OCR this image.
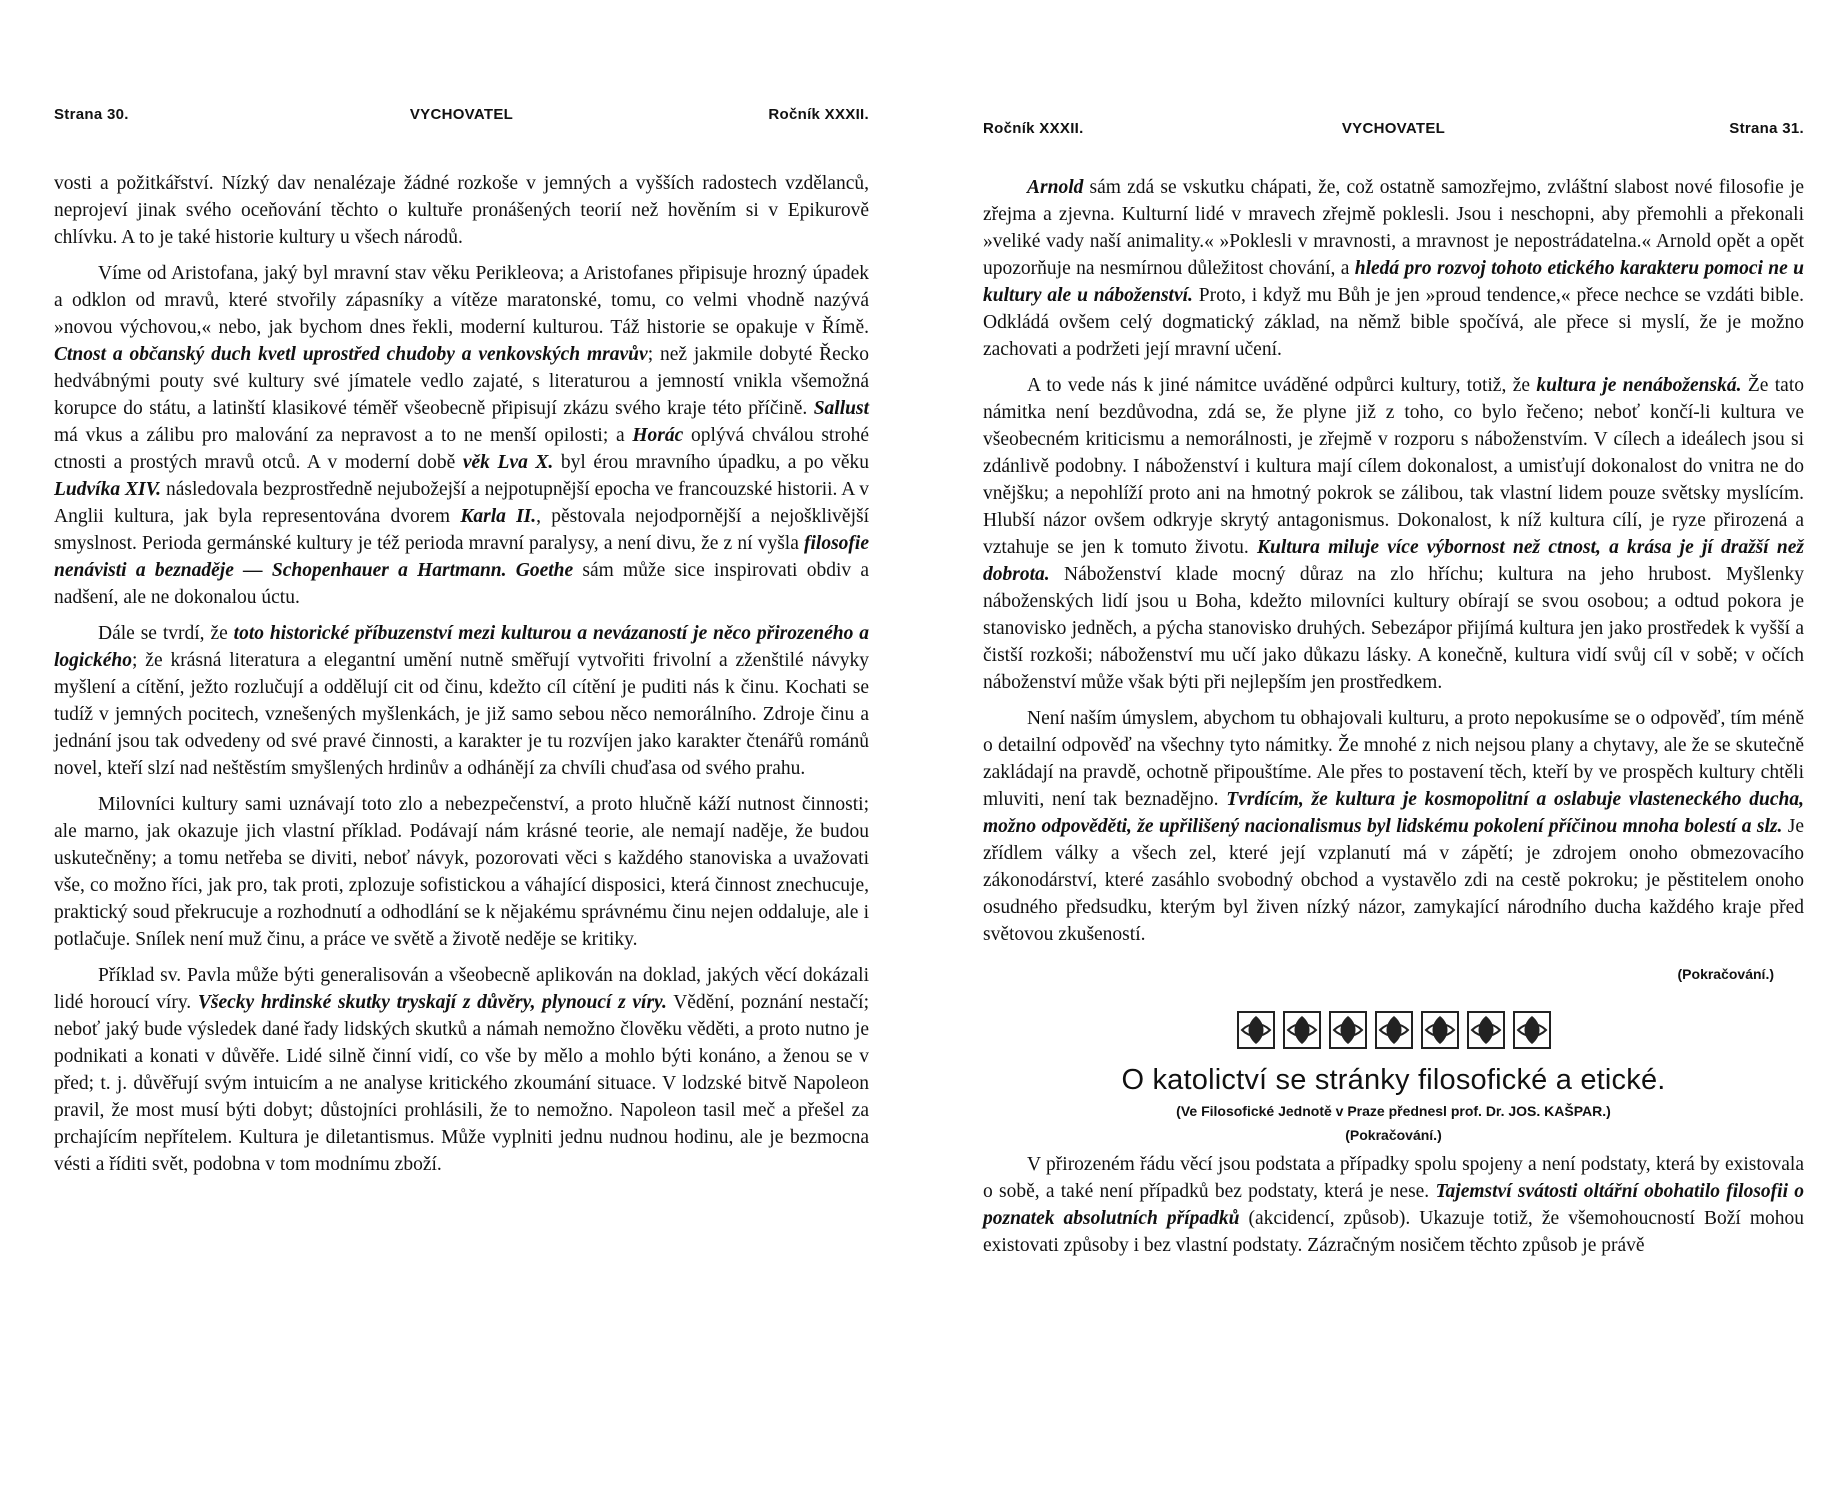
Strana 30.	VYCHOVATEL	Ročník XXXII.

vosti a požitkářství. Nízký dav nenalézaje žádné rozkoše v jemných a vyšších radostech vzdělanců, neprojeví jinak svého oceňování těchto o kultuře pronášených teorií než hověním si v Epikurově chlívku. A to je také historie kultury u všech národů.

Víme od Aristofana, jaký byl mravní stav věku Perikleova; a Aristofanes připisuje hrozný úpadek a odklon od mravů, které stvořily zápasníky a vítěze maratonské, tomu, co velmi vhodně nazývá »novou výchovou,« nebo, jak bychom dnes řekli, moderní kulturou. Táž historie se opakuje v Římě. Ctnost a občanský duch kvetl uprostřed chudoby a venkovských mravův; než jakmile dobyté Řecko hedvábnými pouty své kultury své jímatele vedlo zajaté, s literaturou a jemností vnikla všemožná korupce do státu, a latinští klasikové téměř všeobecně připisují zkázu svého kraje této příčině. Sallust má vkus a zálibu pro malování za nepravost a to ne menší opilosti; a Horác oplývá chválou strohé ctnosti a prostých mravů otců. A v moderní době věk Lva X. byl érou mravního úpadku, a po věku Ludvíka XIV. následovala bezprostředně nejubožejší a nejpotupnější epocha ve francouzské historii. A v Anglii kultura, jak byla representována dvorem Karla II., pěstovala nejodpornější a nejošklivější smyslnost. Perioda germánské kultury je též perioda mravní paralysy, a není divu, že z ní vyšla filosofie nenávisti a beznaděje — Schopenhauer a Hartmann. Goethe sám může sice inspirovati obdiv a nadšení, ale ne dokonalou úctu.

Dále se tvrdí, že toto historické příbuzenství mezi kulturou a nevázaností je něco přirozeného a logického; že krásná literatura a elegantní umění nutně směřují vytvořiti frivolní a zženštilé návyky myšlení a cítění, ježto rozlučují a oddělují cit od činu, kdežto cíl cítění je puditi nás k činu. Kochati se tudíž v jemných pocitech, vznešených myšlenkách, je již samo sebou něco nemorálního. Zdroje činu a jednání jsou tak odvedeny od své pravé činnosti, a karakter je tu rozvíjen jako karakter čtenářů románů novel, kteří slzí nad neštěstím smyšlených hrdinův a odhánějí za chvíli chuďasa od svého prahu.

Milovníci kultury sami uznávají toto zlo a nebezpečenství, a proto hlučně káží nutnost činnosti; ale marno, jak okazuje jich vlastní příklad. Podávají nám krásné teorie, ale nemají naděje, že budou uskutečněny; a tomu netřeba se diviti, neboť návyk, pozorovati věci s každého stanoviska a uvažovati vše, co možno říci, jak pro, tak proti, zplozuje sofistickou a váhající disposici, která činnost znechucuje, praktický soud překrucuje a rozhodnutí a odhodlání se k nějakému správnému činu nejen oddaluje, ale i potlačuje. Snílek není muž činu, a práce ve světě a životě neděje se kritiky.

Příklad sv. Pavla může býti generalisován a všeobecně aplikován na doklad, jakých věcí dokázali lidé horoucí víry. Všecky hrdinské skutky tryskají z důvěry, plynoucí z víry. Vědění, poznání nestačí; neboť jaký bude výsledek dané řady lidských skutků a námah nemožno člověku věděti, a proto nutno je podnikati a konati v důvěře. Lidé silně činní vidí, co vše by mělo a mohlo býti konáno, a ženou se v před; t. j. důvěřují svým intuicím a ne analyse kritického zkoumání situace. V lodzské bitvě Napoleon pravil, že most musí býti dobyt; důstojníci prohlásili, že to nemožno. Napoleon tasil meč a přešel za prchajícím nepřítelem. Kultura je diletantismus. Může vyplniti jednu nudnou hodinu, ale je bezmocna vésti a říditi svět, podobna v tom modnímu zboží.

Ročník XXXII.	VYCHOVATEL	Strana 31.

Arnold sám zdá se vskutku chápati, že, což ostatně samozřejmo, zvláštní slabost nové filosofie je zřejma a zjevna. Kulturní lidé v mravech zřejmě poklesli. Jsou i neschopni, aby přemohli a překonali »veliké vady naší animality.« »Poklesli v mravnosti, a mravnost je nepostrádatelna.« Arnold opět a opět upozorňuje na nesmírnou důležitost chování, a hledá pro rozvoj tohoto etického karakteru pomoci ne u kultury ale u náboženství. Proto, i když mu Bůh je jen »proud tendence,« přece nechce se vzdáti bible. Odkládá ovšem celý dogmatický základ, na němž bible spočívá, ale přece si myslí, že je možno zachovati a podržeti její mravní učení.

A to vede nás k jiné námitce uváděné odpůrci kultury, totiž, že kultura je nenáboženská. Že tato námitka není bezdůvodna, zdá se, že plyne již z toho, co bylo řečeno; neboť končí-li kultura ve všeobecném kriticismu a nemorálnosti, je zřejmě v rozporu s náboženstvím. V cílech a ideálech jsou si zdánlivě podobny. I náboženství i kultura mají cílem dokonalost, a umisťují dokonalost do vnitra ne do vnějšku; a nepohlíží proto ani na hmotný pokrok se zálibou, tak vlastní lidem pouze světsky myslícím. Hlubší názor ovšem odkryje skrytý antagonismus. Dokonalost, k níž kultura cílí, je ryze přirozená a vztahuje se jen k tomuto životu. Kultura miluje více výbornost než ctnost, a krása je jí dražší než dobrota. Náboženství klade mocný důraz na zlo hříchu; kultura na jeho hrubost. Myšlenky náboženských lidí jsou u Boha, kdežto milovníci kultury obírají se svou osobou; a odtud pokora je stanovisko jedněch, a pýcha stanovisko druhých. Sebezápor přijímá kultura jen jako prostředek k vyšší a čistší rozkoši; náboženství mu učí jako důkazu lásky. A konečně, kultura vidí svůj cíl v sobě; v očích náboženství může však býti při nejlepším jen prostředkem.

Není naším úmyslem, abychom tu obhajovali kulturu, a proto nepokusíme se o odpověď, tím méně o detailní odpověď na všechny tyto námitky. Že mnohé z nich nejsou plany a chytavy, ale že se skutečně zakládají na pravdě, ochotně připouštíme. Ale přes to postavení těch, kteří by ve prospěch kultury chtěli mluviti, není tak beznadějno. Tvrdícím, že kultura je kosmopolitní a oslabuje vlasteneckého ducha, možno odpověděti, že upřilišený nacionalismus byl lidskému pokolení příčinou mnoha bolestí a slz. Je zřídlem války a všech zel, které její vzplanutí má v zápětí; je zdrojem onoho obmezovacího zákonodárství, které zasáhlo svobodný obchod a vystavělo zdi na cestě pokroku; je pěstitelem onoho osudného předsudku, kterým byl živen nízký názor, zamykající národního ducha každého kraje před světovou zkušeností.

(Pokračování.)
O katolictví se stránky filosofické a etické.
(Ve Filosofické Jednotě v Praze přednesl prof. Dr. JOS. KAŠPAR.)
(Pokračování.)

V přirozeném řádu věcí jsou podstata a případky spolu spojeny a není podstaty, která by existovala o sobě, a také není případků bez podstaty, která je nese. Tajemství svátosti oltářní obohatilo filosofii o poznatek absolutních případků (akcidencí, způsob). Ukazuje totiž, že všemohoucností Boží mohou existovati způsoby i bez vlastní podstaty. Zázračným nosičem těchto způsob je právě
